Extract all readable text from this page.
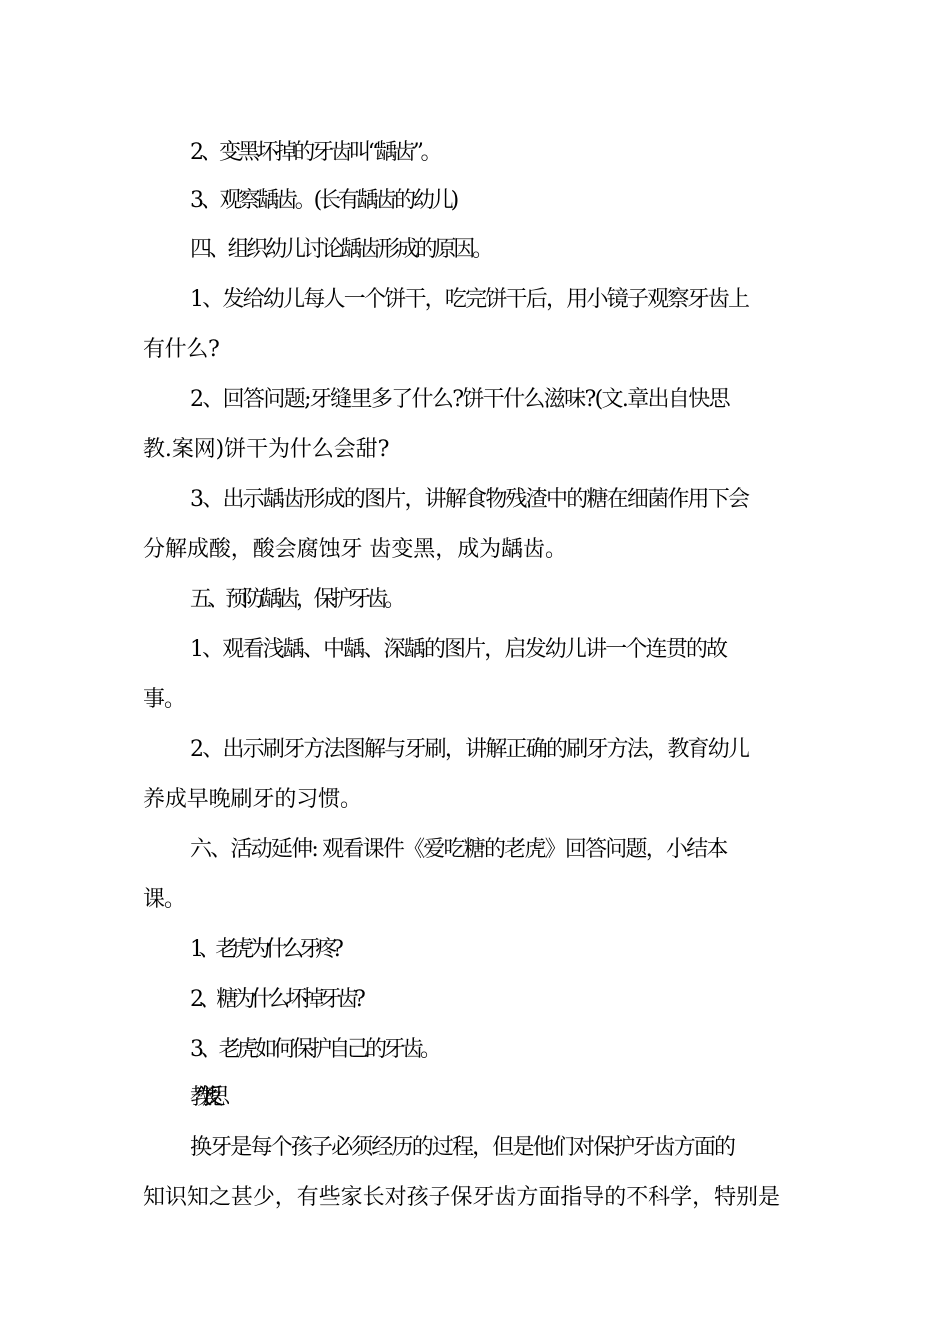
2、变黑坏掉的牙齿叫“龋齿”。
3、观察龋齿。(长有龋齿的幼儿)
四、组织幼儿讨论龋齿形成的原因。
1、发给幼儿每人一个饼干，吃完饼干后，用小镜子观察牙齿上
有什么?
2、回答问题;牙缝里多了什么?饼干什么滋味?(文.章出自快思
教.案网)饼干为什么会甜?
3、出示龋齿形成的图片，讲解食物残渣中的糖在细菌作用下会
分解成酸，酸会腐蚀牙 齿变黑，成为龋齿。
五、预防龋齿，保护牙齿。
1、观看浅龋、中龋、深龋的图片，启发幼儿讲一个连贯的故
事。
2、出示刷牙方法图解与牙刷，讲解正确的刷牙方法，教育幼儿
养成早晚刷牙的习惯。
六、活动延伸: 观看课件《爱吃糖的老虎》回答问题，小结本
课。
1、老虎为什么牙疼?
2、糖为什么坏掉牙齿?
3、老虎如何保护自己的牙齿。
教学反思
换牙是每个孩子必须经历的过程，但是他们对保护牙齿方面的
知识知之甚少，有些家长对孩子保牙齿方面指导的不科学，特别是
